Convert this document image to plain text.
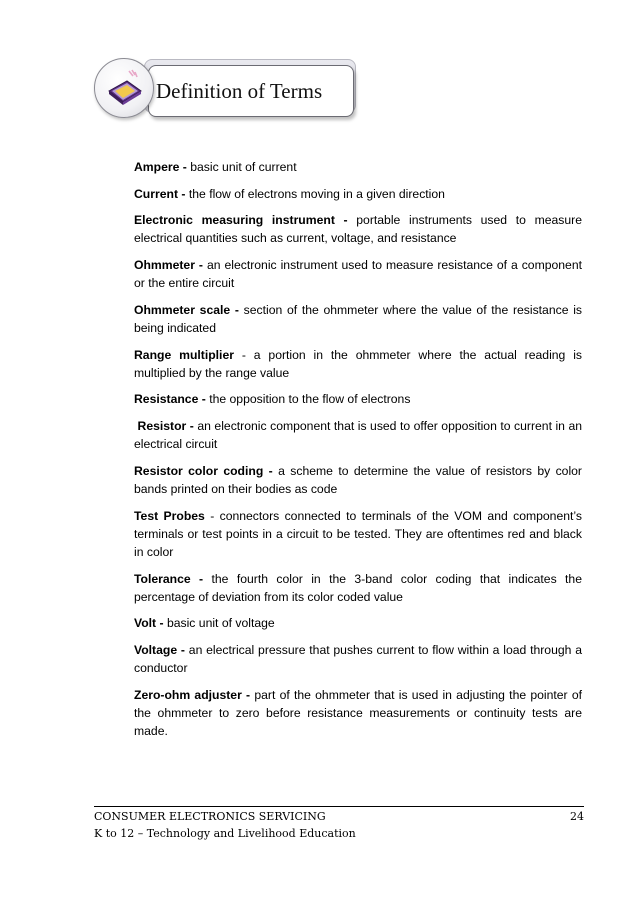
Definition of Terms

Ampere - basic unit of current

Current - the flow of electrons moving in a given direction

Electronic measuring instrument - portable instruments used to measure electrical quantities such as current, voltage, and resistance

Ohmmeter - an electronic instrument used to measure resistance of a component or the entire circuit

Ohmmeter scale - section of the ohmmeter where the value of the resistance is being indicated

Range multiplier - a portion in the ohmmeter where the actual reading is multiplied by the range value

Resistance - the opposition to the flow of electrons

Resistor - an electronic component that is used to offer opposition to current in an electrical circuit

Resistor color coding - a scheme to determine the value of resistors by color bands printed on their bodies as code

Test Probes - connectors connected to terminals of the VOM and component’s terminals or test points in a circuit to be tested. They are oftentimes red and black in color

Tolerance - the fourth color in the 3-band color coding that indicates the percentage of deviation from its color coded value

Volt - basic unit of voltage

Voltage - an electrical pressure that pushes current to flow within a load through a conductor

Zero-ohm adjuster - part of the ohmmeter that is used in adjusting the pointer of the ohmmeter to zero before resistance measurements or continuity tests are made.

CONSUMER ELECTRONICS SERVICING	24
K to 12 – Technology and Livelihood Education
